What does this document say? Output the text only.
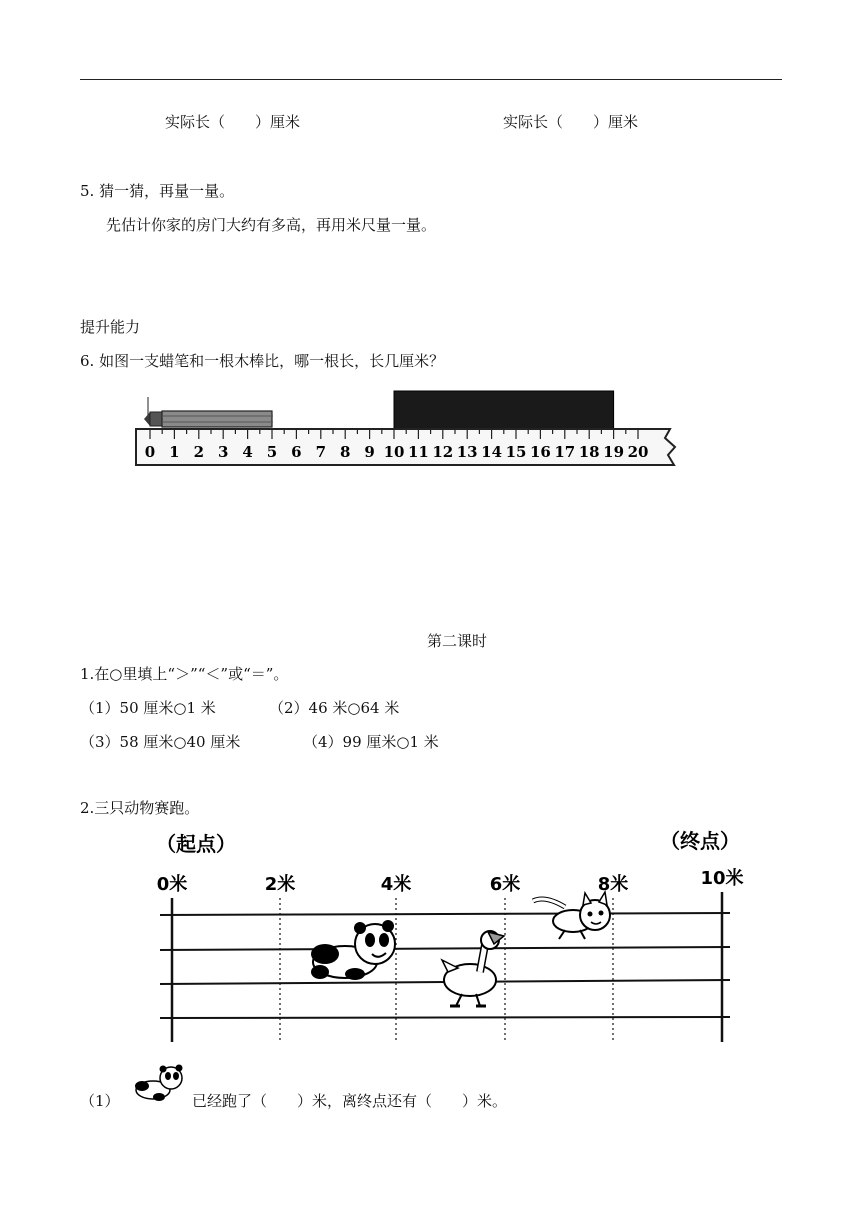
实际长（　　）厘米	实际长（　　）厘米
5. 猜一猜，再量一量。
先估计你家的房门大约有多高，再用米尺量一量。
提升能力
6. 如图一支蜡笔和一根木棒比，哪一根长，长几厘米？
0 1 2 3 4 5 6 7 8 9 10 11 12 13 14 15 16 17 18 19 20
第二课时
1.在○里填上“＞”“＜”或“＝”。
（1）50 厘米○1 米	（2）46 米○64 米
（3）58 厘米○40 厘米	（4）99 厘米○1 米
2.三只动物赛跑。
（起点）	（终点）
0米	2米	4米	6米	8米	10米
（1）	已经跑了（　　）米，离终点还有（　　）米。
